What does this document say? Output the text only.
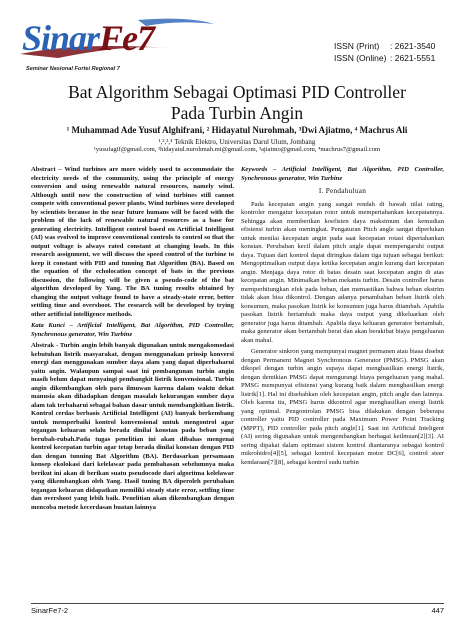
SinarFe7
Seminar Nasional Fortei Regional 7
ISSN (Print) : 2621-3540
ISSN (Online) : 2621-5551
Bat Algorithm Sebagai Optimasi PID Controller
Pada Turbin Angin
¹ Muhammad Ade Yusuf Alghifrani, ² Hidayatul Nurohmah, ³Dwi Ajiatmo, ⁴ Machrus Ali
¹,²,³,⁴ Teknik Elektro, Universitas Darul Ulum, Jombang
¹yusufagif@gmail.com, ²hidayatul.nurohmah.mt@gmail.com, ³ajiatmo@gmail.com, ⁴machrus7@gmail.com

Abstract – Wind turbines are more widely used to accommodate the electricity needs of the community, using the principle of energy conversion and using renewable natural resources, namely wind. Although until now the construction of wind turbines still cannot compete with conventional power plants. Wind turbines were developed by scientists because in the near future humans will be faced with the problem of the lack of renewable natural resources as a base for generating electricity. Intelligent control based on Artificial Intelligent (AI) was evolved to improve conventional controls to control so that the output voltage is always rated constant at changing loads. In this research assignment, we will discuss the speed control of the turbine to keep it constant with PID and tunning Bat Algorithm (BA). Based on the equation of the echolocation concept of bats in the previous discussion, the following will be given a pseudo-code of the bat algorithm developed by Yang. The BA tuning results obtained by changing the output voltage found to have a steady-state error, better settling time and overshoot. The research will be developed by trying other artificial intelligence methods.

Kata Kunci – Artificial Intelligent, Bat Algorithm, PID Controller, Synchronous generator, Win Turbine

Abstrak - Turbin angin lebih banyak digunakan untuk mengakomodasi kebutuhan listrik masyarakat, dengan menggunakan prinsip konversi energi dan menggunakan sumber daya alam yang dapat diperbaharui yaitu angin. Walaupun sampai saat ini pembangunan turbin angin masih belum dapat menyaingi pembangkit listrik konvensional. Turbin angin dikembangkan oleh para ilmuwan karena dalam waktu dekat manusia akan dihadapkan dengan masalah kekurangan sumber daya alam tak terbaharui sebagai bahan dasar untuk membangkitkan listrik. Kontrol cerdas berbasis Artificial Intelligent (AI) banyak berkembang untuk memperbaiki kontrol konvensional untuk mengontrol agar tegangan keluaran selalu berada dinilai konstan pada beban yang berubah-rubah.Pada tugas penelitian ini akan dibahas mengenai kontrol kecepatan turbin agar tetap berada dinilai konstan dengan PID dan dengan tunning Bat Algorithm (BA). Berdasarkan persamaan konsep ekolokasi dari kelelawar pada pembahasan sebelumnya maka berikut ini akan di berikan suatu pseudocode dari algoritma kelelawar yang dikembangkan oleh Yang. Hasil tuning BA diperoleh perubahan tegangan keluaran didapatkan memiliki steady state error, settling time dan overshoot yang lebih baik. Penelitian akan dikembangkan dengan mencoba metode kecerdasan buatan lainnya

Keywords – Artificial Intelligent, Bat Algorithm, PID Controller, Synchronous generator, Win Turbine

I. Pendahuluan

Pada kecepatan angin yang sangat rendah di bawah nilai rating, kontroler mengatur kecepatan rotor untuk mempertahankan kecepatannya. Sehingga akan memberikan koefisien daya maksimum dan kemudian efisiensi turbin akan meningkat. Pengaturan Pitch angle sangat diperlukan untuk menilai kecepatan angin pada saat kecepatan rotasi dipertahankan konstan. Perubahan kecil dalam pitch angle dapat mempengaruhi output daya. Tujuan dari kontrol dapat diringkas dalam tiga tujuan sebagai berikut: Mengoptimalkan output daya ketika kecepatan angin kurang dari kecepatan angin. Menjaga daya rotor di batas desain saat kecepatan angin di atas kecepatan angin. Minimalkan beban mekanis turbin. Desain controller harus memperhitungkan efek pada beban, dan memastikan bahwa beban ekstrim tidak akan bisa dikontrol. Dengan adanya penambahan beban listrik oleh konsumen, maka pasokan listrik ke konsumen juga harus ditambah. Apabila pasokan listrik bertambah maka daya output yang dikeluarkan oleh generator juga harus ditambah. Apabila daya keluaran generator bertambah, maka generator akan bertambah berat dan akan berakibat biaya pengeluaran akan mahal.

Generator sinkron yang mempunyai magnet permanen atau biasa disebut dengan Permanent Magnet Synchronous Generator (PMSG). PMSG akan dikopel dengan turbin angin supaya dapat menghasilkan energi listrik, dengan demikian PMSG dapat mengurangi biaya pengeluaran yang mahal. PMSG mempunyai efisiensi yang kurang baik dalam menghasilkan energi listrik[1]. Hal ini disebabkan oleh kecepatan angin, pitch angle dan lainnya. Oleh karena itu, PMSG harus dikontrol agar menghasilkan energi listrik yang optimal. Pengontrolan PMSG bisa dilakukan dengan beberapa controller yaitu PID controller pada Maximum Power Point Tracking (MPPT), PID controller pada pitch angle[1]. Saat ini Artificial Inteligent (AI) sering digunakan untuk mengembangkan berbagai keilmuan[2][3]. AI sering dipakai dalam optimasi sistem kontrol diantaranya sebagai kontrol mikrohidro[4][5], sebagai kontrol kecepatan motor DC[6], control steer kendaraan[7][8], sebagai kontrol sudu turbin

SinarFe7-2	447
